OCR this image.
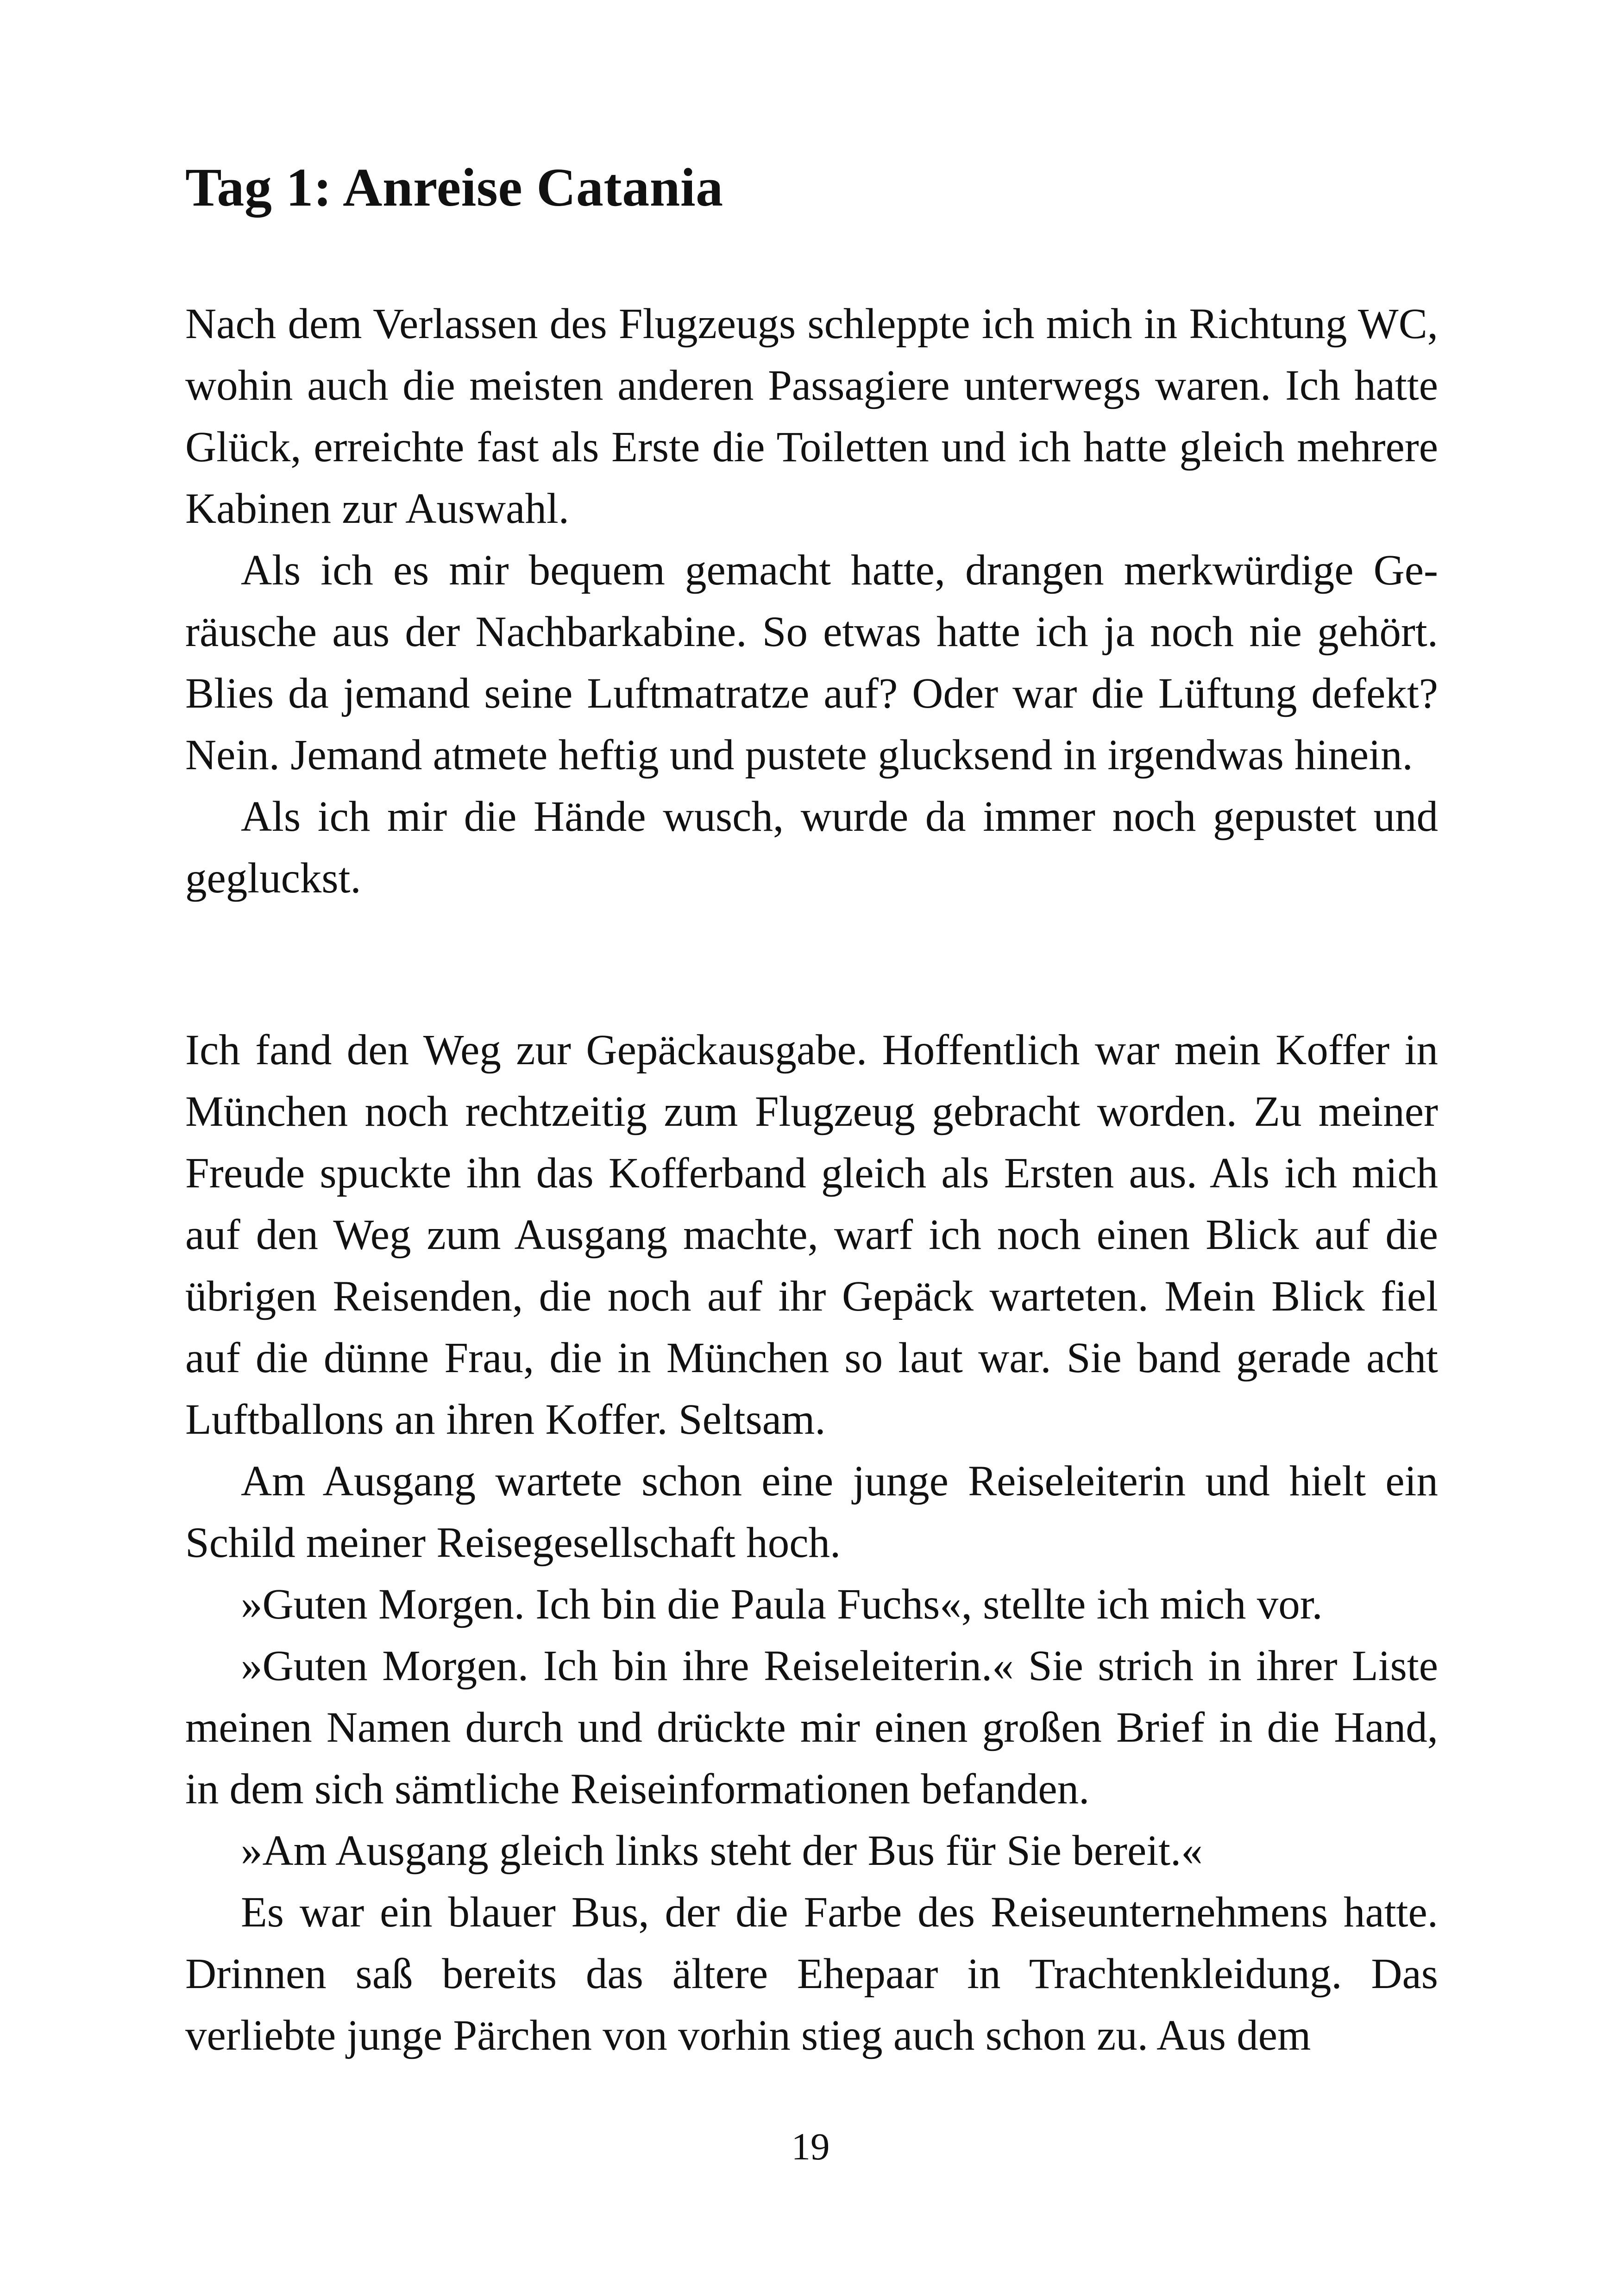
Tag 1: Anreise Catania

Nach dem Verlassen des Flugzeugs schleppte ich mich in Richtung WC, wohin auch die meisten anderen Passagiere unterwegs waren. Ich hatte Glück, erreichte fast als Erste die Toiletten und ich hatte gleich mehrere Kabinen zur Auswahl.

Als ich es mir bequem gemacht hatte, drangen merkwürdige Geräusche aus der Nachbarkabine. So etwas hatte ich ja noch nie gehört. Blies da jemand seine Luftmatratze auf? Oder war die Lüftung defekt? Nein. Jemand atmete heftig und pustete glucksend in irgendwas hinein.

Als ich mir die Hände wusch, wurde da immer noch gepustet und gegluckst.

Ich fand den Weg zur Gepäckausgabe. Hoffentlich war mein Koffer in München noch rechtzeitig zum Flugzeug gebracht worden. Zu meiner Freude spuckte ihn das Kofferband gleich als Ersten aus. Als ich mich auf den Weg zum Ausgang machte, warf ich noch einen Blick auf die übrigen Reisenden, die noch auf ihr Gepäck warteten. Mein Blick fiel auf die dünne Frau, die in München so laut war. Sie band gerade acht Luftballons an ihren Koffer. Seltsam.

Am Ausgang wartete schon eine junge Reiseleiterin und hielt ein Schild meiner Reisegesellschaft hoch.

»Guten Morgen. Ich bin die Paula Fuchs«, stellte ich mich vor.

»Guten Morgen. Ich bin ihre Reiseleiterin.« Sie strich in ihrer Liste meinen Namen durch und drückte mir einen großen Brief in die Hand, in dem sich sämtliche Reiseinformationen befanden.

»Am Ausgang gleich links steht der Bus für Sie bereit.«

Es war ein blauer Bus, der die Farbe des Reiseunternehmens hatte. Drinnen saß bereits das ältere Ehepaar in Trachtenkleidung. Das verliebte junge Pärchen von vorhin stieg auch schon zu. Aus dem

19
